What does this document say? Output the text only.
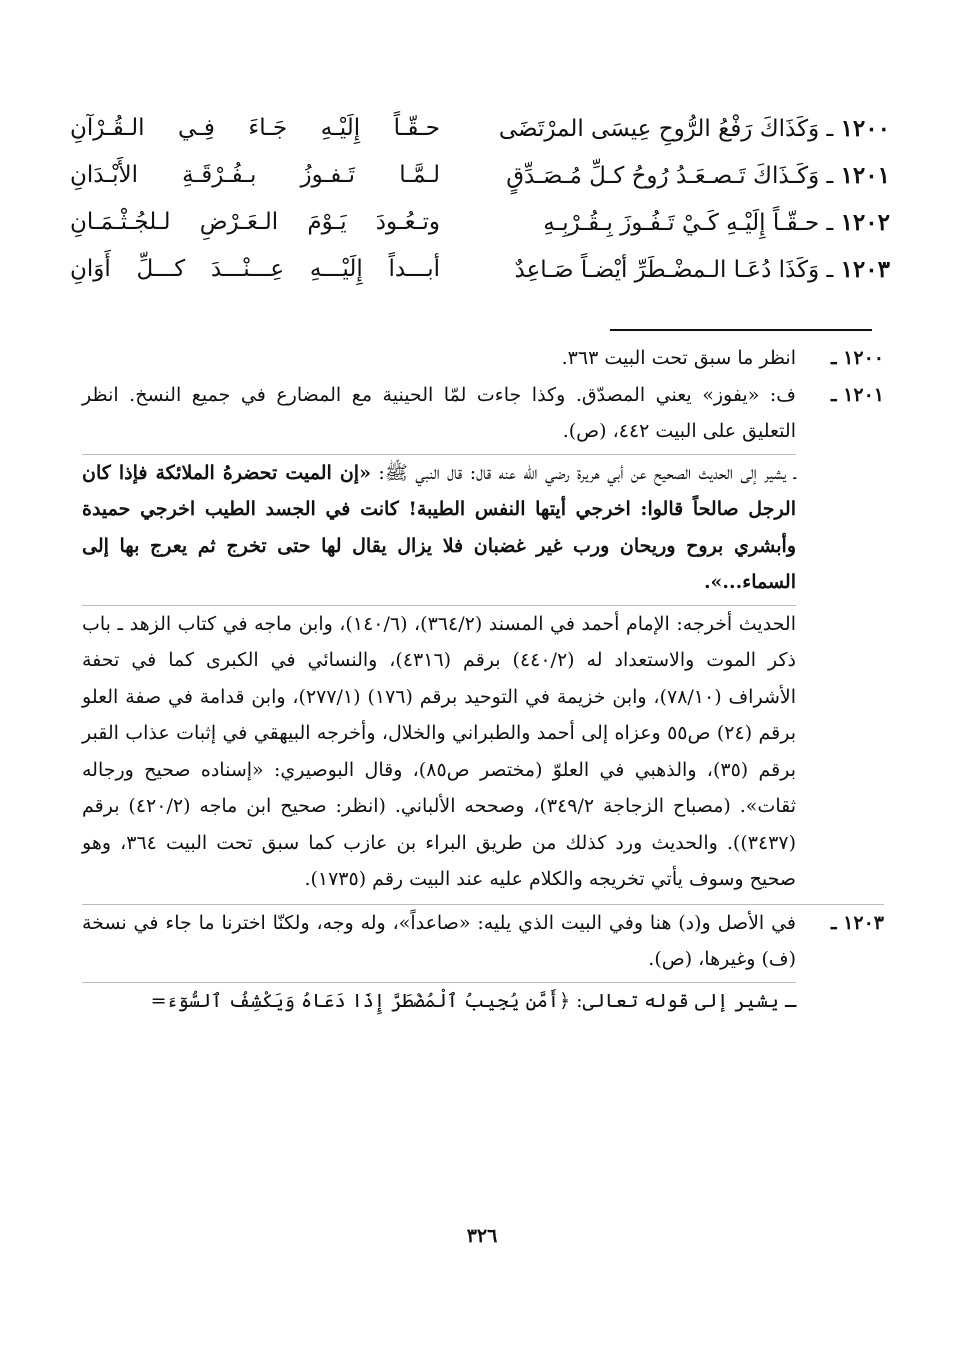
١٢٠٠ ـ وَكَذَاكَ رَفْعُ الرُّوحِ عِيسَى المرْتَضَى
حـقّـاً إِلَيْـهِ جَـاءَ فِـي الـقُـرْآنِ
١٢٠١ ـ وَكَـذَاكَ تَـصـعَـدُ رُوحُ كـلِّ مُـصَـدِّقٍ
لـمَّـا تَـفـوزُ بـفُـرْقَـةِ الأَبْـدَانِ
١٢٠٢ ـ حـقّـاً إِلَيْـهِ كَـيْ تَـفُـوزَ بِـقُـرْبِـهِ
وتـعُـودَ يَـوْمَ الـعَـرْضِ لـلجُـثْـمَـانِ
١٢٠٣ ـ وَكَذَا دُعَـا الـمضْـطَرِّ أيْضـاً صَـاعِدٌ
أبـــداً إِلَيْـــهِ عِـــنْـــدَ كـــلِّ أَوَانِ
١٢٠٠ ـ

انظر ما سبق تحت البيت ٣٦٣.

١٢٠١ ـ

ف: «يفوز» يعني المصدّق. وكذا جاءت لمّا الحينية مع المضارع في جميع النسخ. انظر التعليق على البيت ٤٤٢، (ص).

ـ يشير إلى الحديث الصحيح عن أبي هريرة رضي الله عنه قال: قال النبي ﷺ: «إن الميت تحضرهُ الملائكة فإذا كان الرجل صالحاً قالوا: اخرجي أيتها النفس الطيبة! كانت في الجسد الطيب اخرجي حميدة وأبشري بروح وريحان ورب غير غضبان فلا يزال يقال لها حتى تخرج ثم يعرج بها إلى السماء...».

الحديث أخرجه: الإمام أحمد في المسند (٣٦٤/٢)، (١٤٠/٦)، وابن ماجه في كتاب الزهد ـ باب ذكر الموت والاستعداد له (٤٤٠/٢) برقم (٤٣١٦)، والنسائي في الكبرى كما في تحفة الأشراف (٧٨/١٠)، وابن خزيمة في التوحيد برقم (١٧٦) (٢٧٧/١)، وابن قدامة في صفة العلو برقم (٢٤) ص٥٥ وعزاه إلى أحمد والطبراني والخلال، وأخرجه البيهقي في إثبات عذاب القبر برقم (٣٥)، والذهبي في العلوّ (مختصر ص٨٥)، وقال البوصيري: «إسناده صحيح ورجاله ثقات». (مصباح الزجاجة ٣٤٩/٢)، وصححه الألباني. (انظر: صحيح ابن ماجه (٤٢٠/٢) برقم (٣٤٣٧)). والحديث ورد كذلك من طريق البراء بن عازب كما سبق تحت البيت ٣٦٤، وهو صحيح وسوف يأتي تخريجه والكلام عليه عند البيت رقم (١٧٣٥).

١٢٠٣ ـ

في الأصل و(د) هنا وفي البيت الذي يليه: «صاعداً»، وله وجه، ولكنّا اخترنا ما جاء في نسخة (ف) وغيرها، (ص).

ـ يشير إلى قوله تعالى: ﴿أَمَّن يُجِيبُ ٱلْمُضْطَرَّ إِذَا دَعَاهُ وَيَكْشِفُ ٱلسُّوٓءَ=

٣٢٦
